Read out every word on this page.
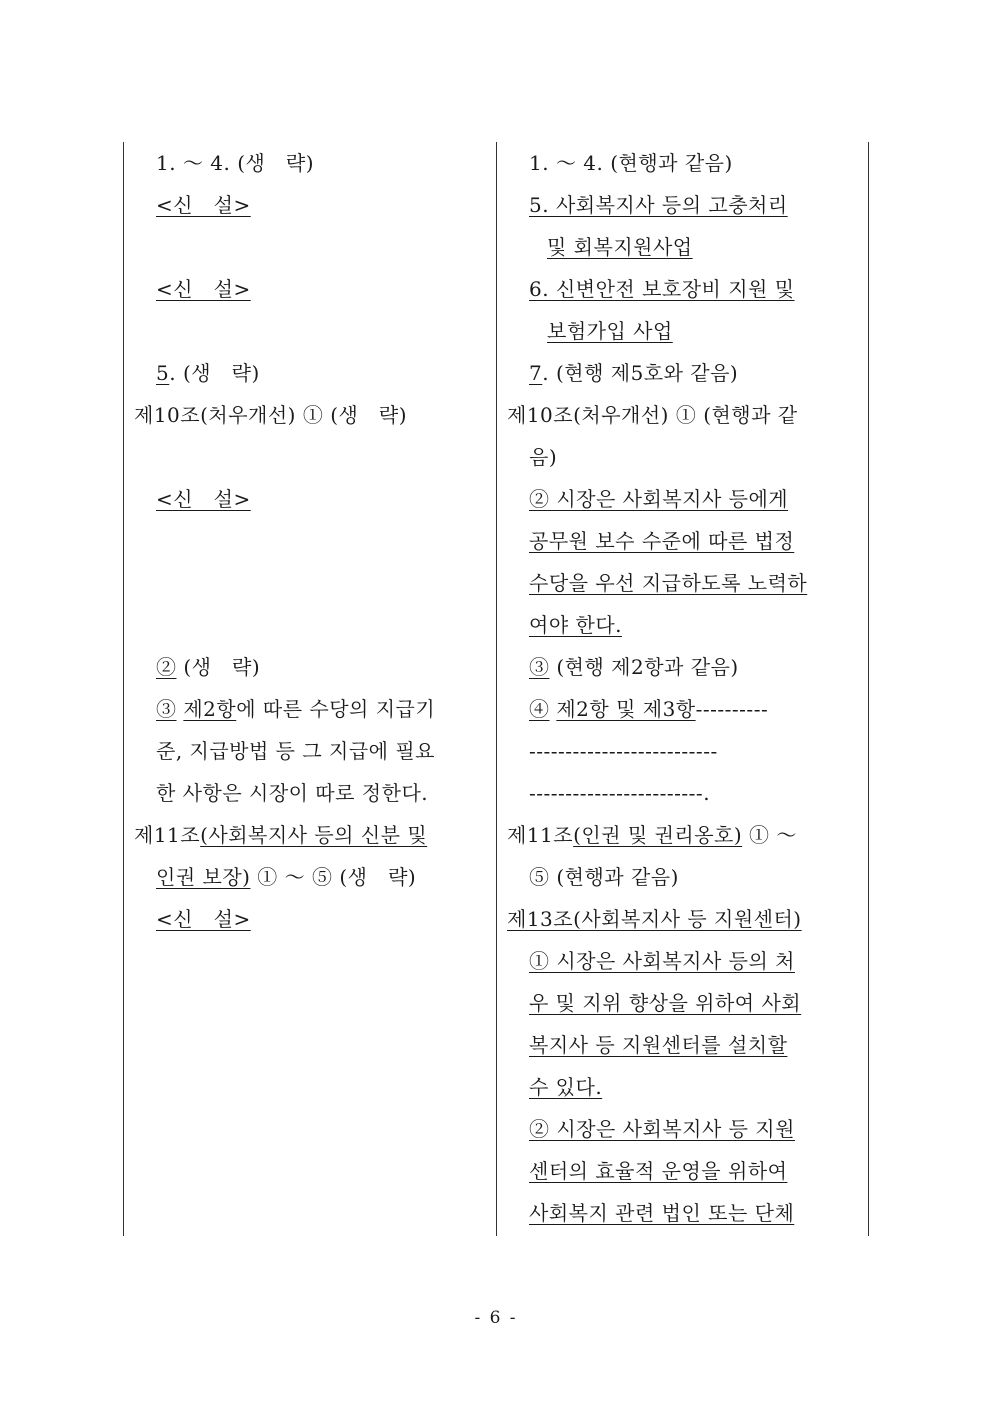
1. ～ 4. (생   략)
<신   설>
<신   설>
5. (생   략)
제10조(처우개선) ① (생   략)
<신   설>
② (생   략)
③ 제2항에 따른 수당의 지급기
준, 지급방법 등 그 지급에 필요
한 사항은 시장이 따로 정한다.
제11조(사회복지사 등의 신분 및
인권 보장) ① ～ ⑤ (생   략)
<신   설>
1. ～ 4. (현행과 같음)
5. 사회복지사 등의 고충처리
및 회복지원사업
6. 신변안전 보호장비 지원 및
보험가입 사업
7. (현행 제5호와 같음)
제10조(처우개선) ① (현행과 같
음)
② 시장은 사회복지사 등에게
공무원 보수 수준에 따른 법정
수당을 우선 지급하도록 노력하
여야 한다.
③ (현행 제2항과 같음)
④ 제2항 및 제3항----------
--------------------------
------------------------.
제11조(인권 및 권리옹호) ① ～
⑤ (현행과 같음)
제13조(사회복지사 등 지원센터)
① 시장은 사회복지사 등의 처
우 및 지위 향상을 위하여 사회
복지사 등 지원센터를 설치할
수 있다.
② 시장은 사회복지사 등 지원
센터의 효율적 운영을 위하여
사회복지 관련 법인 또는 단체
- 6 -
